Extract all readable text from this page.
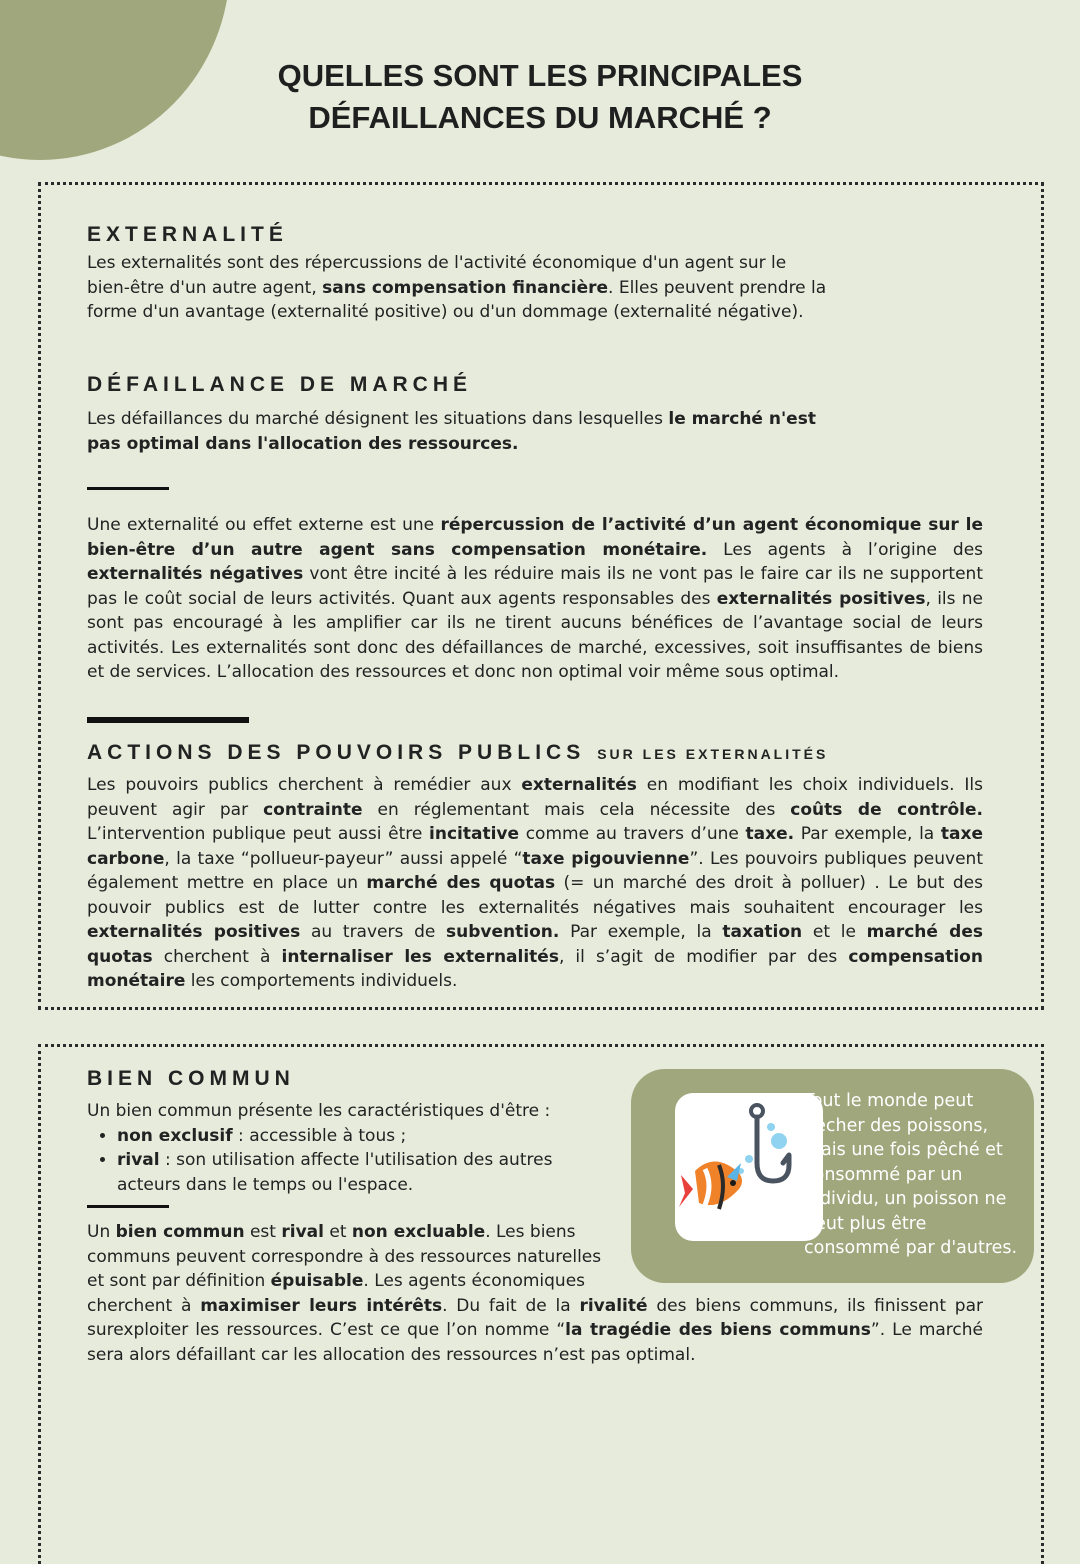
QUELLES SONT LES PRINCIPALES
DÉFAILLANCES DU MARCHÉ ?
EXTERNALITÉ
Les externalités sont des répercussions de l'activité économique d'un agent sur le
bien-être d'un autre agent, sans compensation financière. Elles peuvent prendre la
forme d'un avantage (externalité positive) ou d'un dommage (externalité négative).
DÉFAILLANCE DE MARCHÉ
Les défaillances du marché désignent les situations dans lesquelles le marché n'est
pas optimal dans l'allocation des ressources.
Une externalité ou effet externe est une répercussion de l’activité d’un agent économique sur le bien-être d’un autre agent sans compensation monétaire. Les agents à l’origine des externalités négatives vont être incité à les réduire mais ils ne vont pas le faire car ils ne supportent pas le coût social de leurs activités. Quant aux agents responsables des externalités positives, ils ne sont pas encouragé à les amplifier car ils ne tirent aucuns bénéfices de l’avantage social de leurs activités. Les externalités sont donc des défaillances de marché, excessives, soit insuffisantes de biens et de services. L’allocation des ressources et donc non optimal voir même sous optimal.
ACTIONS DES POUVOIRS PUBLICS SUR LES EXTERNALITÉS
Les pouvoirs publics cherchent à remédier aux externalités en modifiant les choix individuels. Ils peuvent agir par contrainte en réglementant mais cela nécessite des coûts de contrôle. L’intervention publique peut aussi être incitative comme au travers d’une taxe. Par exemple, la taxe carbone, la taxe “pollueur-payeur” aussi appelé “taxe pigouvienne”. Les pouvoirs publiques peuvent également mettre en place un marché des quotas (= un marché des droit à polluer) . Le but des pouvoir publics est de lutter contre les externalités négatives mais souhaitent encourager les externalités positives au travers de subvention. Par exemple, la taxation et le marché des quotas cherchent à internaliser les externalités, il s’agit de modifier par des compensation monétaire les comportements individuels.
BIEN COMMUN
Un bien commun présente les caractéristiques d'être :
• non exclusif : accessible à tous ;
• rival : son utilisation affecte l'utilisation des autres acteurs dans le temps ou l'espace.
Un bien commun est rival et non excluable. Les biens communs peuvent correspondre à des ressources naturelles et sont par définition épuisable. Les agents économiques
cherchent à maximiser leurs intérêts. Du fait de la rivalité des biens communs, ils finissent par surexploiter les ressources. C’est ce que l’on nomme “la tragédie des biens communs”. Le marché sera alors défaillant car les allocation des ressources n’est pas optimal.
Tout le monde peut pêcher des poissons, mais une fois pêché et consommé par un individu, un poisson ne peut plus être consommé par d'autres.
